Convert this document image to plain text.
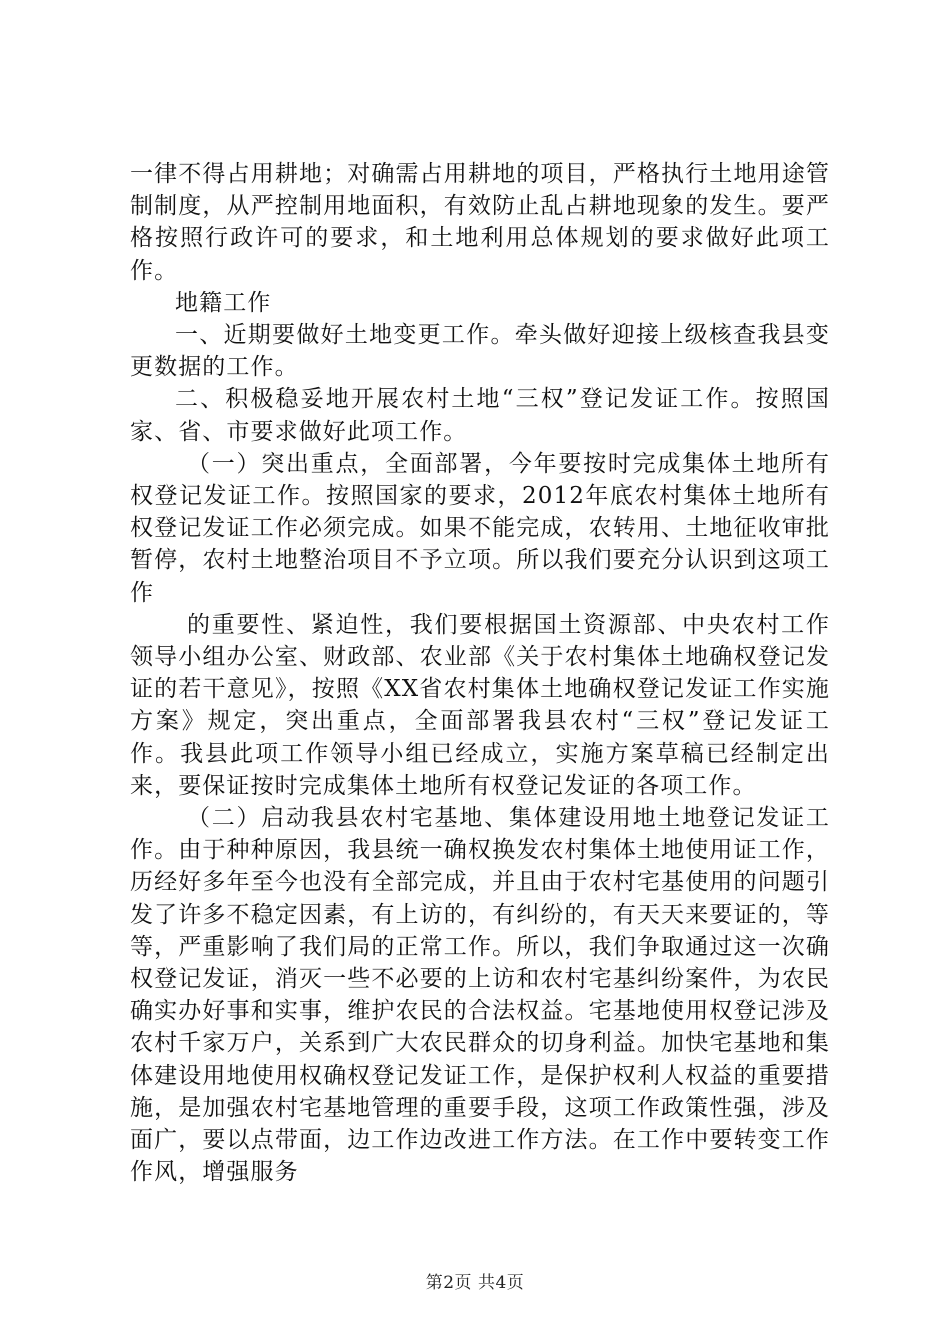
一律不得占用耕地；对确需占用耕地的项目，严格执行土地用途管制制度，从严控制用地面积，有效防止乱占耕地现象的发生。要严格按照行政许可的要求，和土地利用总体规划的要求做好此项工作。

地籍工作

一、近期要做好土地变更工作。牵头做好迎接上级核查我县变更数据的工作。

二、积极稳妥地开展农村土地“三权”登记发证工作。按照国家、省、市要求做好此项工作。

（一）突出重点，全面部署，今年要按时完成集体土地所有权登记发证工作。按照国家的要求，2012年底农村集体土地所有权登记发证工作必须完成。如果不能完成，农转用、土地征收审批暂停，农村土地整治项目不予立项。所以我们要充分认识到这项工作

的重要性、紧迫性，我们要根据国土资源部、中央农村工作领导小组办公室、财政部、农业部《关于农村集体土地确权登记发证的若干意见》，按照《XX省农村集体土地确权登记发证工作实施方案》规定，突出重点，全面部署我县农村“三权”登记发证工作。我县此项工作领导小组已经成立，实施方案草稿已经制定出来，要保证按时完成集体土地所有权登记发证的各项工作。

（二）启动我县农村宅基地、集体建设用地土地登记发证工作。由于种种原因，我县统一确权换发农村集体土地使用证工作，历经好多年至今也没有全部完成，并且由于农村宅基使用的问题引发了许多不稳定因素，有上访的，有纠纷的，有天天来要证的，等等，严重影响了我们局的正常工作。所以，我们争取通过这一次确权登记发证，消灭一些不必要的上访和农村宅基纠纷案件，为农民确实办好事和实事，维护农民的合法权益。宅基地使用权登记涉及农村千家万户，关系到广大农民群众的切身利益。加快宅基地和集体建设用地使用权确权登记发证工作，是保护权利人权益的重要措施，是加强农村宅基地管理的重要手段，这项工作政策性强，涉及面广，要以点带面，边工作边改进工作方法。在工作中要转变工作作风，增强服务

第2页 共4页
